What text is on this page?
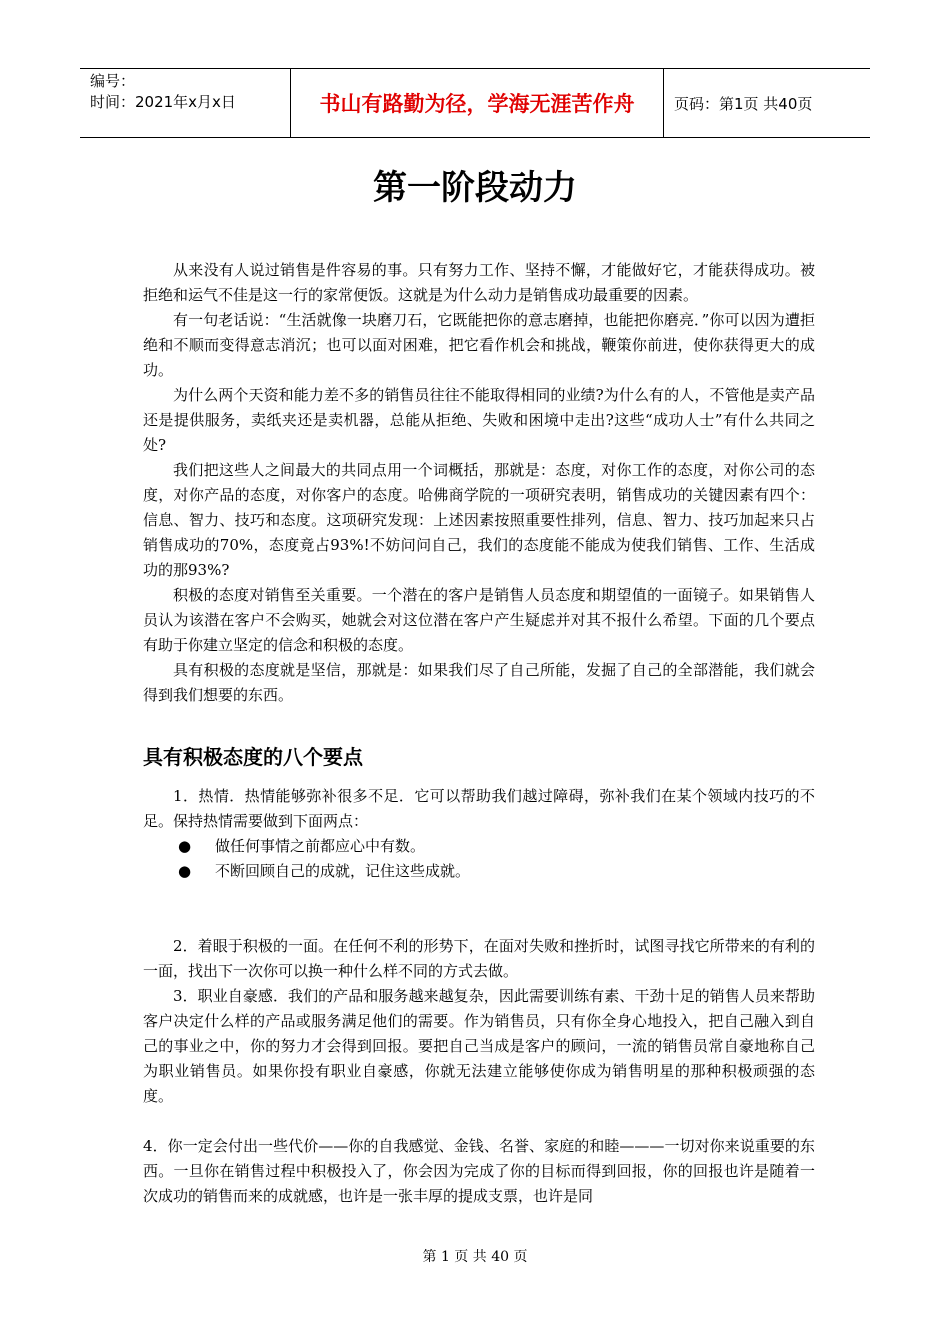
编号：
时间：2021年x月x日	书山有路勤为径，学海无涯苦作舟	页码：第1页 共40页
第一阶段动力

从来没有人说过销售是件容易的事。只有努力工作、坚持不懈，才能做好它，才能获得成功。被拒绝和运气不佳是这一行的家常便饭。这就是为什么动力是销售成功最重要的因素。

有一句老话说：“生活就像一块磨刀石，它既能把你的意志磨掉，也能把你磨亮．”你可以因为遭拒绝和不顺而变得意志消沉；也可以面对困难，把它看作机会和挑战，鞭策你前进，使你获得更大的成功。

为什么两个天资和能力差不多的销售员往往不能取得相同的业绩?为什么有的人，不管他是卖产品还是提供服务，卖纸夹还是卖机器，总能从拒绝、失败和困境中走出?这些“成功人士”有什么共同之处?

我们把这些人之间最大的共同点用一个词概括，那就是：态度，对你工作的态度，对你公司的态度，对你产品的态度，对你客户的态度。哈佛商学院的一项研究表明，销售成功的关键因素有四个：信息、智力、技巧和态度。这项研究发现：上述因素按照重要性排列，信息、智力、技巧加起来只占销售成功的70%，态度竟占93%!不妨问问自己，我们的态度能不能成为使我们销售、工作、生活成功的那93%?

积极的态度对销售至关重要。一个潜在的客户是销售人员态度和期望值的一面镜子。如果销售人员认为该潜在客户不会购买，她就会对这位潜在客户产生疑虑并对其不报什么希望。下面的几个要点有助于你建立坚定的信念和积极的态度。

具有积极的态度就是坚信，那就是：如果我们尽了自己所能，发掘了自己的全部潜能，我们就会得到我们想要的东西。

具有积极态度的八个要点

1．热情．热情能够弥补很多不足．它可以帮助我们越过障碍，弥补我们在某个领域内技巧的不足。保持热情需要做到下面两点：

●	做任何事情之前都应心中有数。
●	不断回顾自己的成就，记住这些成就。

2．着眼于积极的一面。在任何不利的形势下，在面对失败和挫折时，试图寻找它所带来的有利的一面，找出下一次你可以换一种什么样不同的方式去做。

3．职业自豪感．我们的产品和服务越来越复杂，因此需要训练有素、干劲十足的销售人员来帮助客户决定什么样的产品或服务满足他们的需要。作为销售员，只有你全身心地投入，把自己融入到自己的事业之中，你的努力才会得到回报。要把自己当成是客户的顾问，一流的销售员常自豪地称自己为职业销售员。如果你投有职业自豪感，你就无法建立能够使你成为销售明星的那种积极顽强的态度。

4．你一定会付出一些代价——你的自我感觉、金钱、名誉、家庭的和睦———一切对你来说重要的东西。一旦你在销售过程中积极投入了，你会因为完成了你的目标而得到回报，你的回报也许是随着一次成功的销售而来的成就感，也许是一张丰厚的提成支票，也许是同

第 1 页 共 40 页
